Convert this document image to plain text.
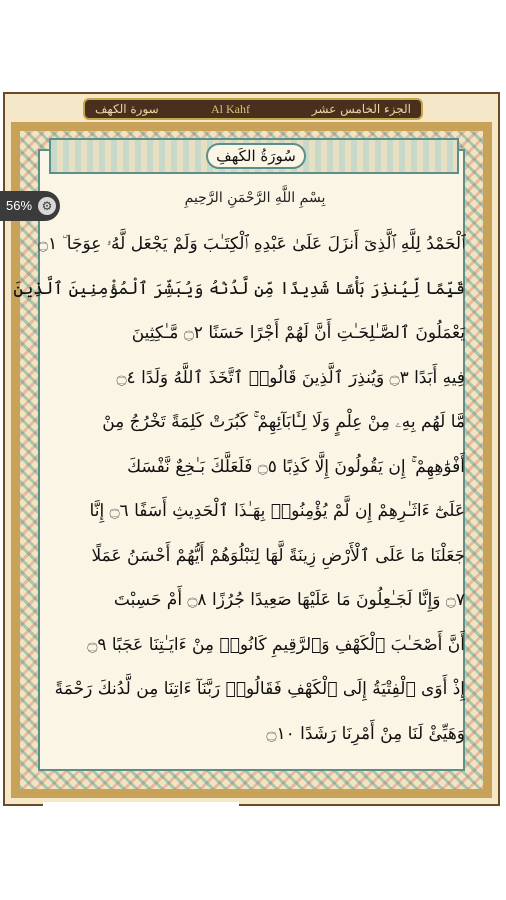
الجزء الخامس عشر
Al Kahf
سورة الكهف
سُورَةُ الكَهفِ
بِسْمِ اللَّهِ الرَّحْمَنِ الرَّحِيمِ
ٱلْحَمْدُ لِلَّهِ ٱلَّذِىٓ أَنزَلَ عَلَىٰ عَبْدِهِ ٱلْكِتَـٰبَ وَلَمْ يَجْعَل لَّهُۥ عِوَجَا ۜ ۝١
قَيِّمًا لِّيُنذِرَ بَأْسًا شَدِيدًا مِّن لَّدُنْهُ وَيُبَشِّرَ ٱلْمُؤْمِنِينَ ٱلَّذِينَ
يَعْمَلُونَ ٱلصَّـٰلِحَـٰتِ أَنَّ لَهُمْ أَجْرًا حَسَنًا ۝٢ مَّـٰكِثِينَ
فِيهِ أَبَدًا ۝٣ وَيُنذِرَ ٱلَّذِينَ قَالُوا۟ ٱتَّخَذَ ٱللَّهُ وَلَدًا ۝٤
مَّا لَهُم بِهِۦ مِنْ عِلْمٍ وَلَا لِـَٔابَآئِهِمْ ۚ كَبُرَتْ كَلِمَةً تَخْرُجُ مِنْ
أَفْوَٰهِهِمْ ۚ إِن يَقُولُونَ إِلَّا كَذِبًا ۝٥ فَلَعَلَّكَ بَـٰخِعٌ نَّفْسَكَ
عَلَىٰٓ ءَاثَـٰرِهِمْ إِن لَّمْ يُؤْمِنُوا۟ بِهَـٰذَا ٱلْحَدِيثِ أَسَفًا ۝٦ إِنَّا
جَعَلْنَا مَا عَلَى ٱلْأَرْضِ زِينَةً لَّهَا لِنَبْلُوَهُمْ أَيُّهُمْ أَحْسَنُ عَمَلًا
۝٧ وَإِنَّا لَجَـٰعِلُونَ مَا عَلَيْهَا صَعِيدًا جُرُزًا ۝٨ أَمْ حَسِبْتَ
أَنَّ أَصْحَـٰبَ ٱلْكَهْفِ وَٱلرَّقِيمِ كَانُوا۟ مِنْ ءَايَـٰتِنَا عَجَبًا ۝٩
إِذْ أَوَى ٱلْفِتْيَةُ إِلَى ٱلْكَهْفِ فَقَالُوا۟ رَبَّنَآ ءَاتِنَا مِن لَّدُنكَ رَحْمَةً
وَهَيِّئْ لَنَا مِنْ أَمْرِنَا رَشَدًا ۝١٠
56% ⚙
